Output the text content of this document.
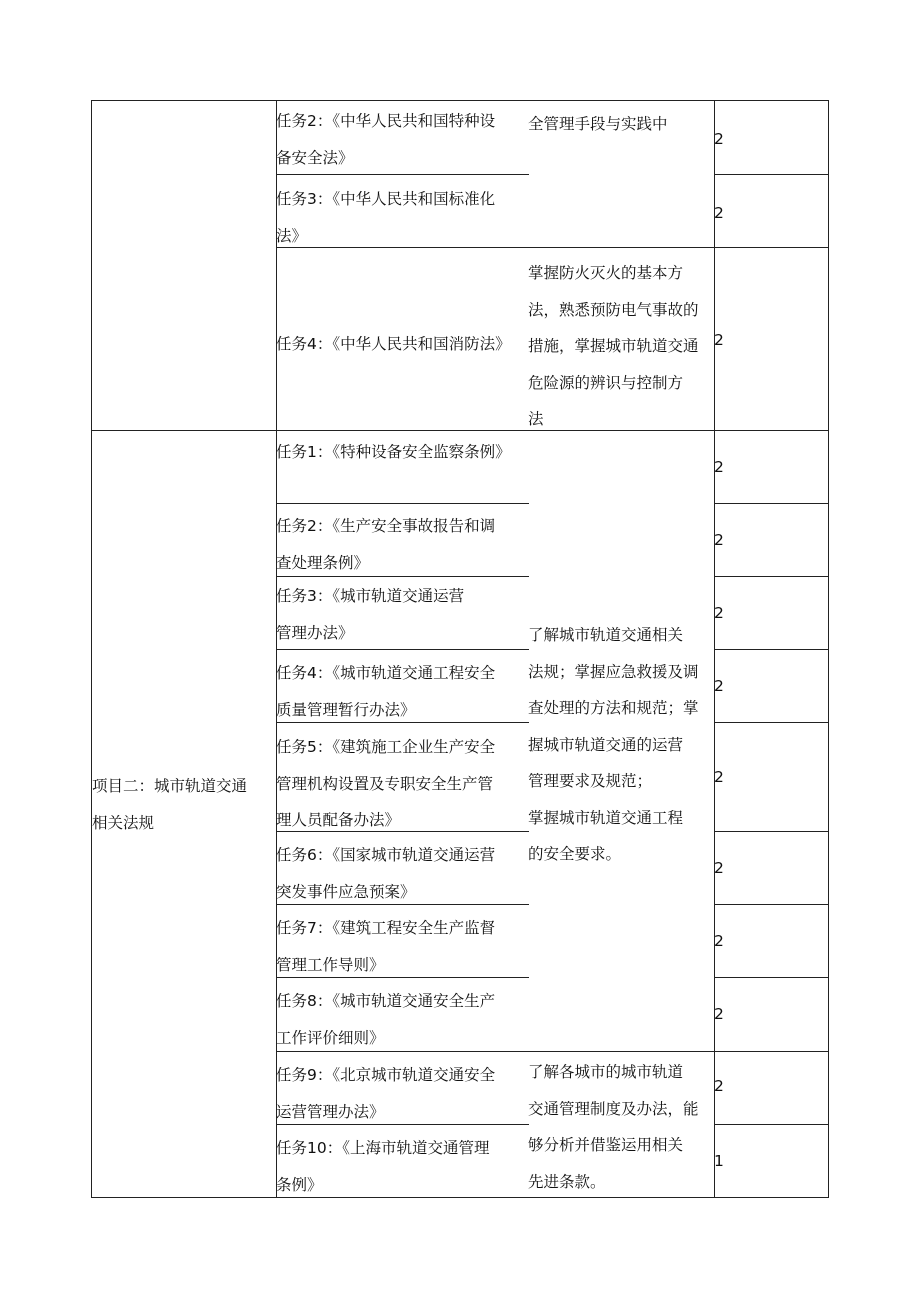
项目二：城市轨道交通
相关法规
全管理手段与实践中
掌握防火灭火的基本方
法，熟悉预防电气事故的
措施，掌握城市轨道交通
危险源的辨识与控制方
法
了解城市轨道交通相关
法规；掌握应急救援及调
查处理的方法和规范；掌
握城市轨道交通的运营
管理要求及规范；
掌握城市轨道交通工程
的安全要求。
了解各城市的城市轨道
交通管理制度及办法，能
够分析并借鉴运用相关
先进条款。
任务2：《中华人民共和国特种设
备安全法》
2
任务3：《中华人民共和国标准化
法》
2
任务4：《中华人民共和国消防法》	2
任务1：《特种设备安全监察条例》
2
任务2：《生产安全事故报告和调
查处理条例》
2
任务3：《城市轨道交通运营
管理办法》
2
任务4：《城市轨道交通工程安全
质量管理暂行办法》
2
任务5：《建筑施工企业生产安全
管理机构设置及专职安全生产管
理人员配备办法》
2
任务6：《国家城市轨道交通运营
突发事件应急预案》
2
任务7：《建筑工程安全生产监督
管理工作导则》
2
任务8：《城市轨道交通安全生产
工作评价细则》
2
任务9：《北京城市轨道交通安全
运营管理办法》
2
任务10：《上海市轨道交通管理
条例》
1
